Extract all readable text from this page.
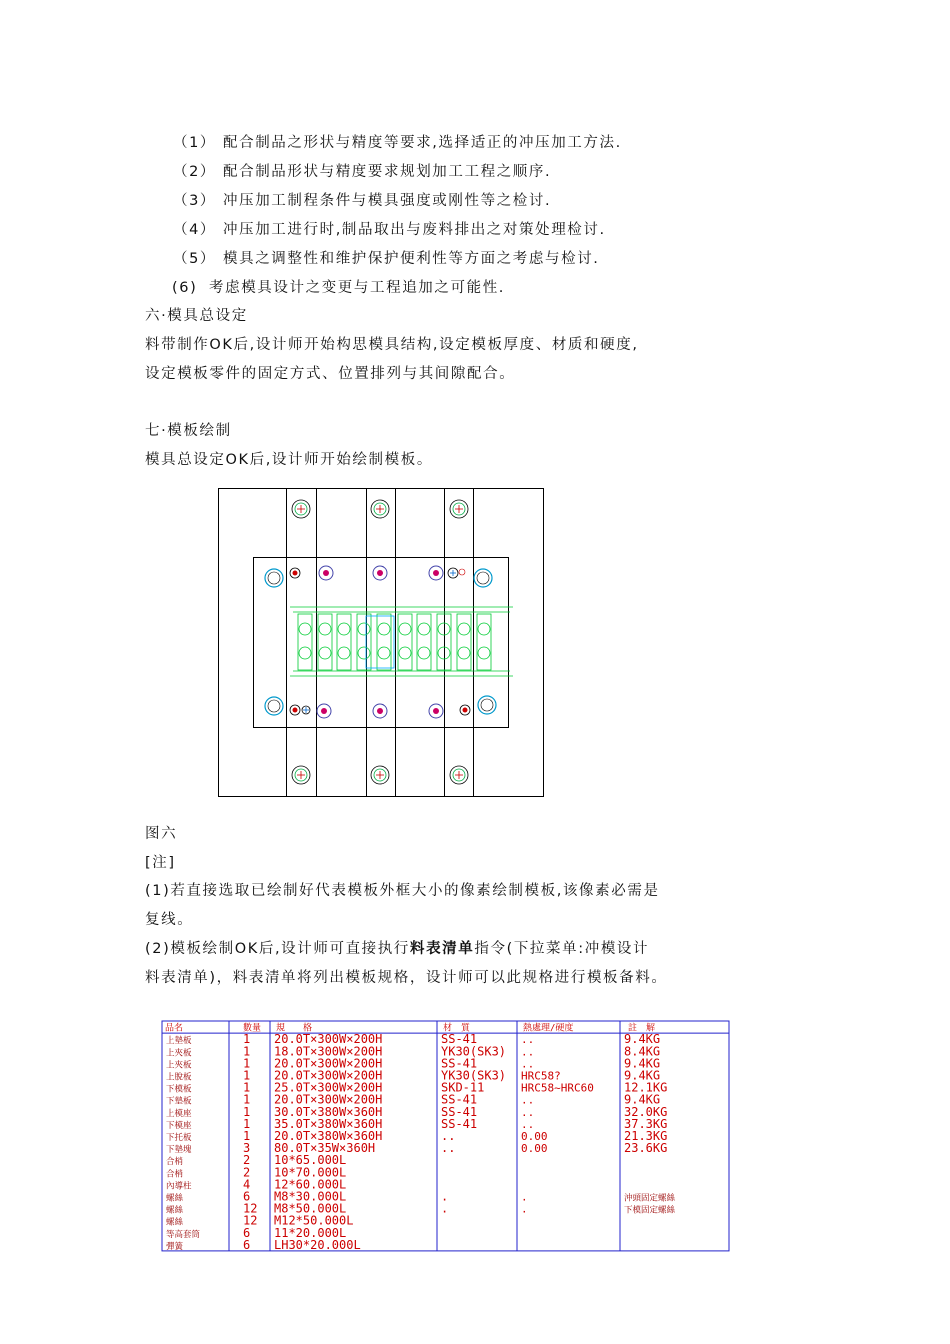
（1） 配合制品之形状与精度等要求,选择适正的冲压加工方法.
（2） 配合制品形状与精度要求规划加工工程之顺序.
（3） 冲压加工制程条件与模具强度或刚性等之检讨.
（4） 冲压加工进行时,制品取出与废料排出之对策处理检讨.
（5） 模具之调整性和维护保护便利性等方面之考虑与检讨.
(6) 考虑模具设计之变更与工程追加之可能性.
六·模具总设定
料带制作OK后,设计师开始构思模具结构,设定模板厚度、材质和硬度,
设定模板零件的固定方式、位置排列与其间隙配合。
七·模板绘制
模具总设定OK后,设计师开始绘制模板。
图六
[注]
(1)若直接选取已绘制好代表模板外框大小的像素绘制模板,该像素必需是
复线。
(2)模板绘制OK后,设计师可直接执行料表清单指令(下拉菜单:冲模设计
料表清单)，料表清单将列出模板规格，设计师可以此规格进行模板备料。
品名	數量 規　　格	材　質	熱處理/硬度	註　解
上墊板	1 20.0T×300W×200H	SS-41	..	9.4KG
上夾板	1 18.0T×300W×200H	YK30(SK3) ..	8.4KG
上夾板	1 20.0T×300W×200H	SS-41	..	9.4KG
上脫板	1 20.0T×300W×200H	YK30(SK3) HRC58?	9.4KG
下模板	1 25.0T×300W×200H	SKD-11	HRC58~HRC60	12.1KG
下墊板	1 20.0T×300W×200H	SS-41	..	9.4KG
上模座	1 30.0T×380W×360H	SS-41	..	32.0KG
下模座	1 35.0T×380W×360H	SS-41	..	37.3KG
下托板	1 20.0T×380W×360H	..	0.00	21.3KG
下墊塊	3 80.0T×35W×360H	..	0.00	23.6KG
合梢	2 10*65.000L
合梢	2 10*70.000L
內導柱	4 12*60.000L
螺絲	6 M8*30.000L	.	.	沖頭固定螺絲
螺絲	12 M8*50.000L	.	.	下模固定螺絲
螺絲	12 M12*50.000L
等高套筒	6 11*20.000L
彈簧	6 LH30*20.000L
